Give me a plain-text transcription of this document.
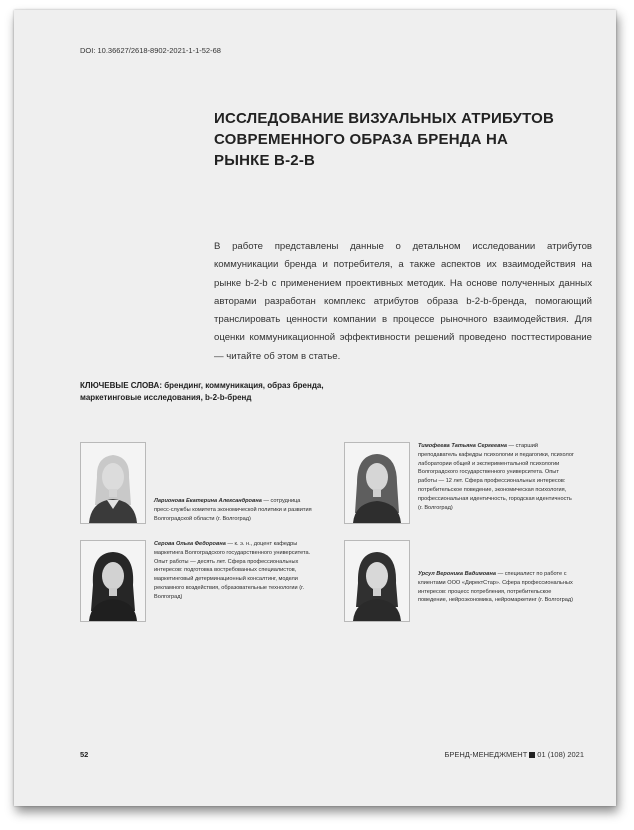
DOI: 10.36627/2618-8902-2021-1-1-52-68
ИССЛЕДОВАНИЕ ВИЗУАЛЬНЫХ АТРИБУТОВ СОВРЕМЕННОГО ОБРАЗА БРЕНДА НА РЫНКЕ B-2-B

В работе представлены данные о детальном исследовании атрибутов коммуникации бренда и потребителя, а также аспектов их взаимодействия на рынке b-2-b с применением проективных методик. На основе полученных данных авторами разработан комплекс атрибутов образа b-2-b-бренда, помогающий транслировать ценности компании в процессе рыночного взаимодействия. Для оценки коммуникационной эффективности решений проведено посттестирование — читайте об этом в статье.

КЛЮЧЕВЫЕ СЛОВА: брендинг, коммуникация, образ бренда, маркетинговые исследования, b-2-b-бренд

Ларионова Екатерина Александровна — сотрудница пресс-службы комитета экономической политики и развития Волгоградской области (г. Волгоград)

Тимофеева Татьяна Сергеевна — старший преподаватель кафедры психологии и педагогики, психолог лаборатории общей и экспериментальной психологии Волгоградского государственного университета. Опыт работы — 12 лет. Сфера профессиональных интересов: потребительское поведение, экономическая психология, профессиональная идентичность, городская идентичность (г. Волгоград)

Серова Ольга Федоровна — к. э. н., доцент кафедры маркетинга Волгоградского государственного университета. Опыт работы — десять лет. Сфера профессиональных интересов: подготовка востребованных специалистов, маркетинговый детерминационный консалтинг, модели рекламного воздействия, образовательные технологии (г. Волгоград)

Урсул Вероника Вадимовна — специалист по работе с клиентами ООО «ДиректСтар». Сфера профессиональных интересов: процесс потребления, потребительское поведение, нейроэкономика, нейромаркетинг (г. Волгоград)

52	БРЕНД-МЕНЕДЖМЕНТ 01 (108) 2021
